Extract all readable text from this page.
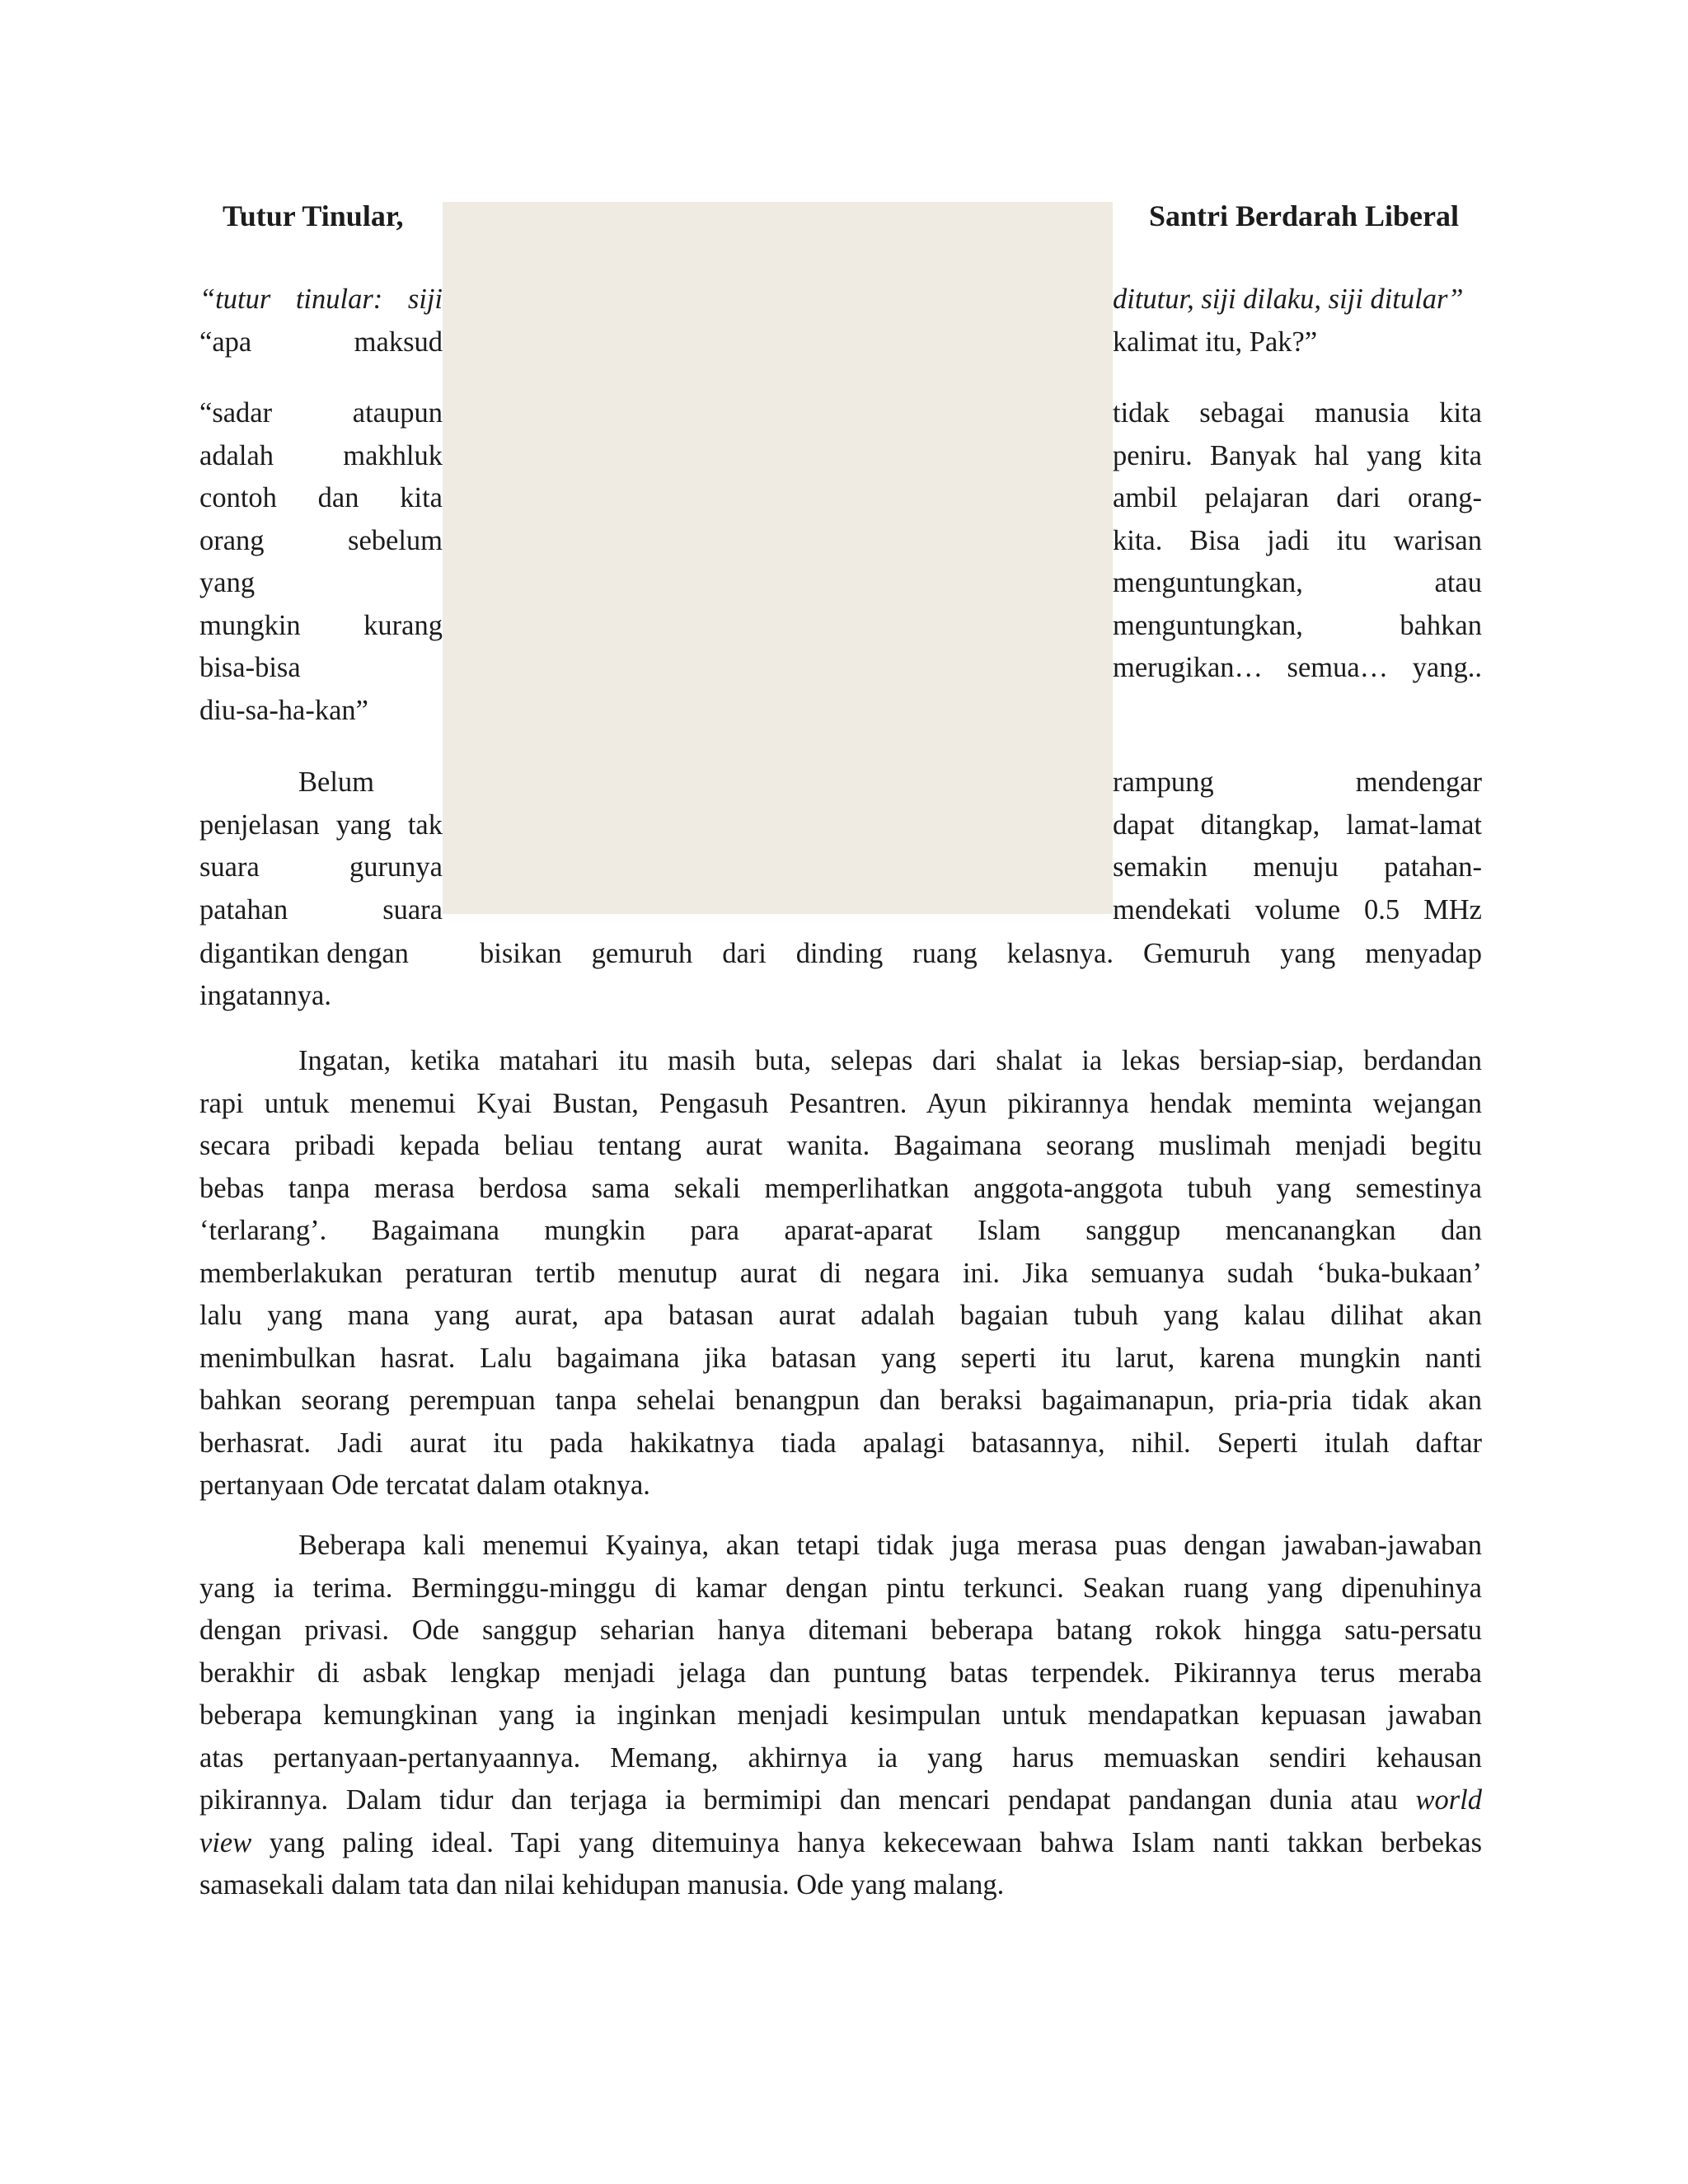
Tutur Tinular,	Santri Berdarah Liberal
“tutur tinular: siji
“apa maksud
ditutur, siji dilaku, siji ditular”
kalimat itu, Pak?”
“sadar ataupun
adalah makhluk
contoh dan kita
orang sebelum
yang
mungkin kurang
bisa-bisa
diu-sa-ha-kan”
tidak sebagai manusia kita
peniru. Banyak hal yang kita
ambil pelajaran dari orang-
kita. Bisa jadi itu warisan
menguntungkan, atau
menguntungkan, bahkan
merugikan… semua… yang..
Belum
penjelasan yang tak
suara gurunya
patahan suara
rampung mendengar
dapat ditangkap, lamat-lamat
semakin menuju patahan-
mendekati volume 0.5 MHz
digantikan dengan bisikan gemuruh dari dinding ruang kelasnya. Gemuruh yang menyadap
ingatannya.
Ingatan, ketika matahari itu masih buta, selepas dari shalat ia lekas bersiap-siap, berdandan
rapi untuk menemui Kyai Bustan, Pengasuh Pesantren. Ayun pikirannya hendak meminta wejangan
secara pribadi kepada beliau tentang aurat wanita. Bagaimana seorang muslimah menjadi begitu
bebas tanpa merasa berdosa sama sekali memperlihatkan anggota-anggota tubuh yang semestinya
‘terlarang’. Bagaimana mungkin para aparat-aparat Islam sanggup mencanangkan dan
memberlakukan peraturan tertib menutup aurat di negara ini. Jika semuanya sudah ‘buka-bukaan’
lalu yang mana yang aurat, apa batasan aurat adalah bagaian tubuh yang kalau dilihat akan
menimbulkan hasrat. Lalu bagaimana jika batasan yang seperti itu larut, karena mungkin nanti
bahkan seorang perempuan tanpa sehelai benangpun dan beraksi bagaimanapun, pria-pria tidak akan
berhasrat. Jadi aurat itu pada hakikatnya tiada apalagi batasannya, nihil. Seperti itulah daftar
pertanyaan Ode tercatat dalam otaknya.
Beberapa kali menemui Kyainya, akan tetapi tidak juga merasa puas dengan jawaban-jawaban
yang ia terima. Berminggu-minggu di kamar dengan pintu terkunci. Seakan ruang yang dipenuhinya
dengan privasi. Ode sanggup seharian hanya ditemani beberapa batang rokok hingga satu-persatu
berakhir di asbak lengkap menjadi jelaga dan puntung batas terpendek. Pikirannya terus meraba
beberapa kemungkinan yang ia inginkan menjadi kesimpulan untuk mendapatkan kepuasan jawaban
atas pertanyaan-pertanyaannya. Memang, akhirnya ia yang harus memuaskan sendiri kehausan
pikirannya. Dalam tidur dan terjaga ia bermimipi dan mencari pendapat pandangan dunia atau world
view yang paling ideal. Tapi yang ditemuinya hanya kekecewaan bahwa Islam nanti takkan berbekas
samasekali dalam tata dan nilai kehidupan manusia. Ode yang malang.
